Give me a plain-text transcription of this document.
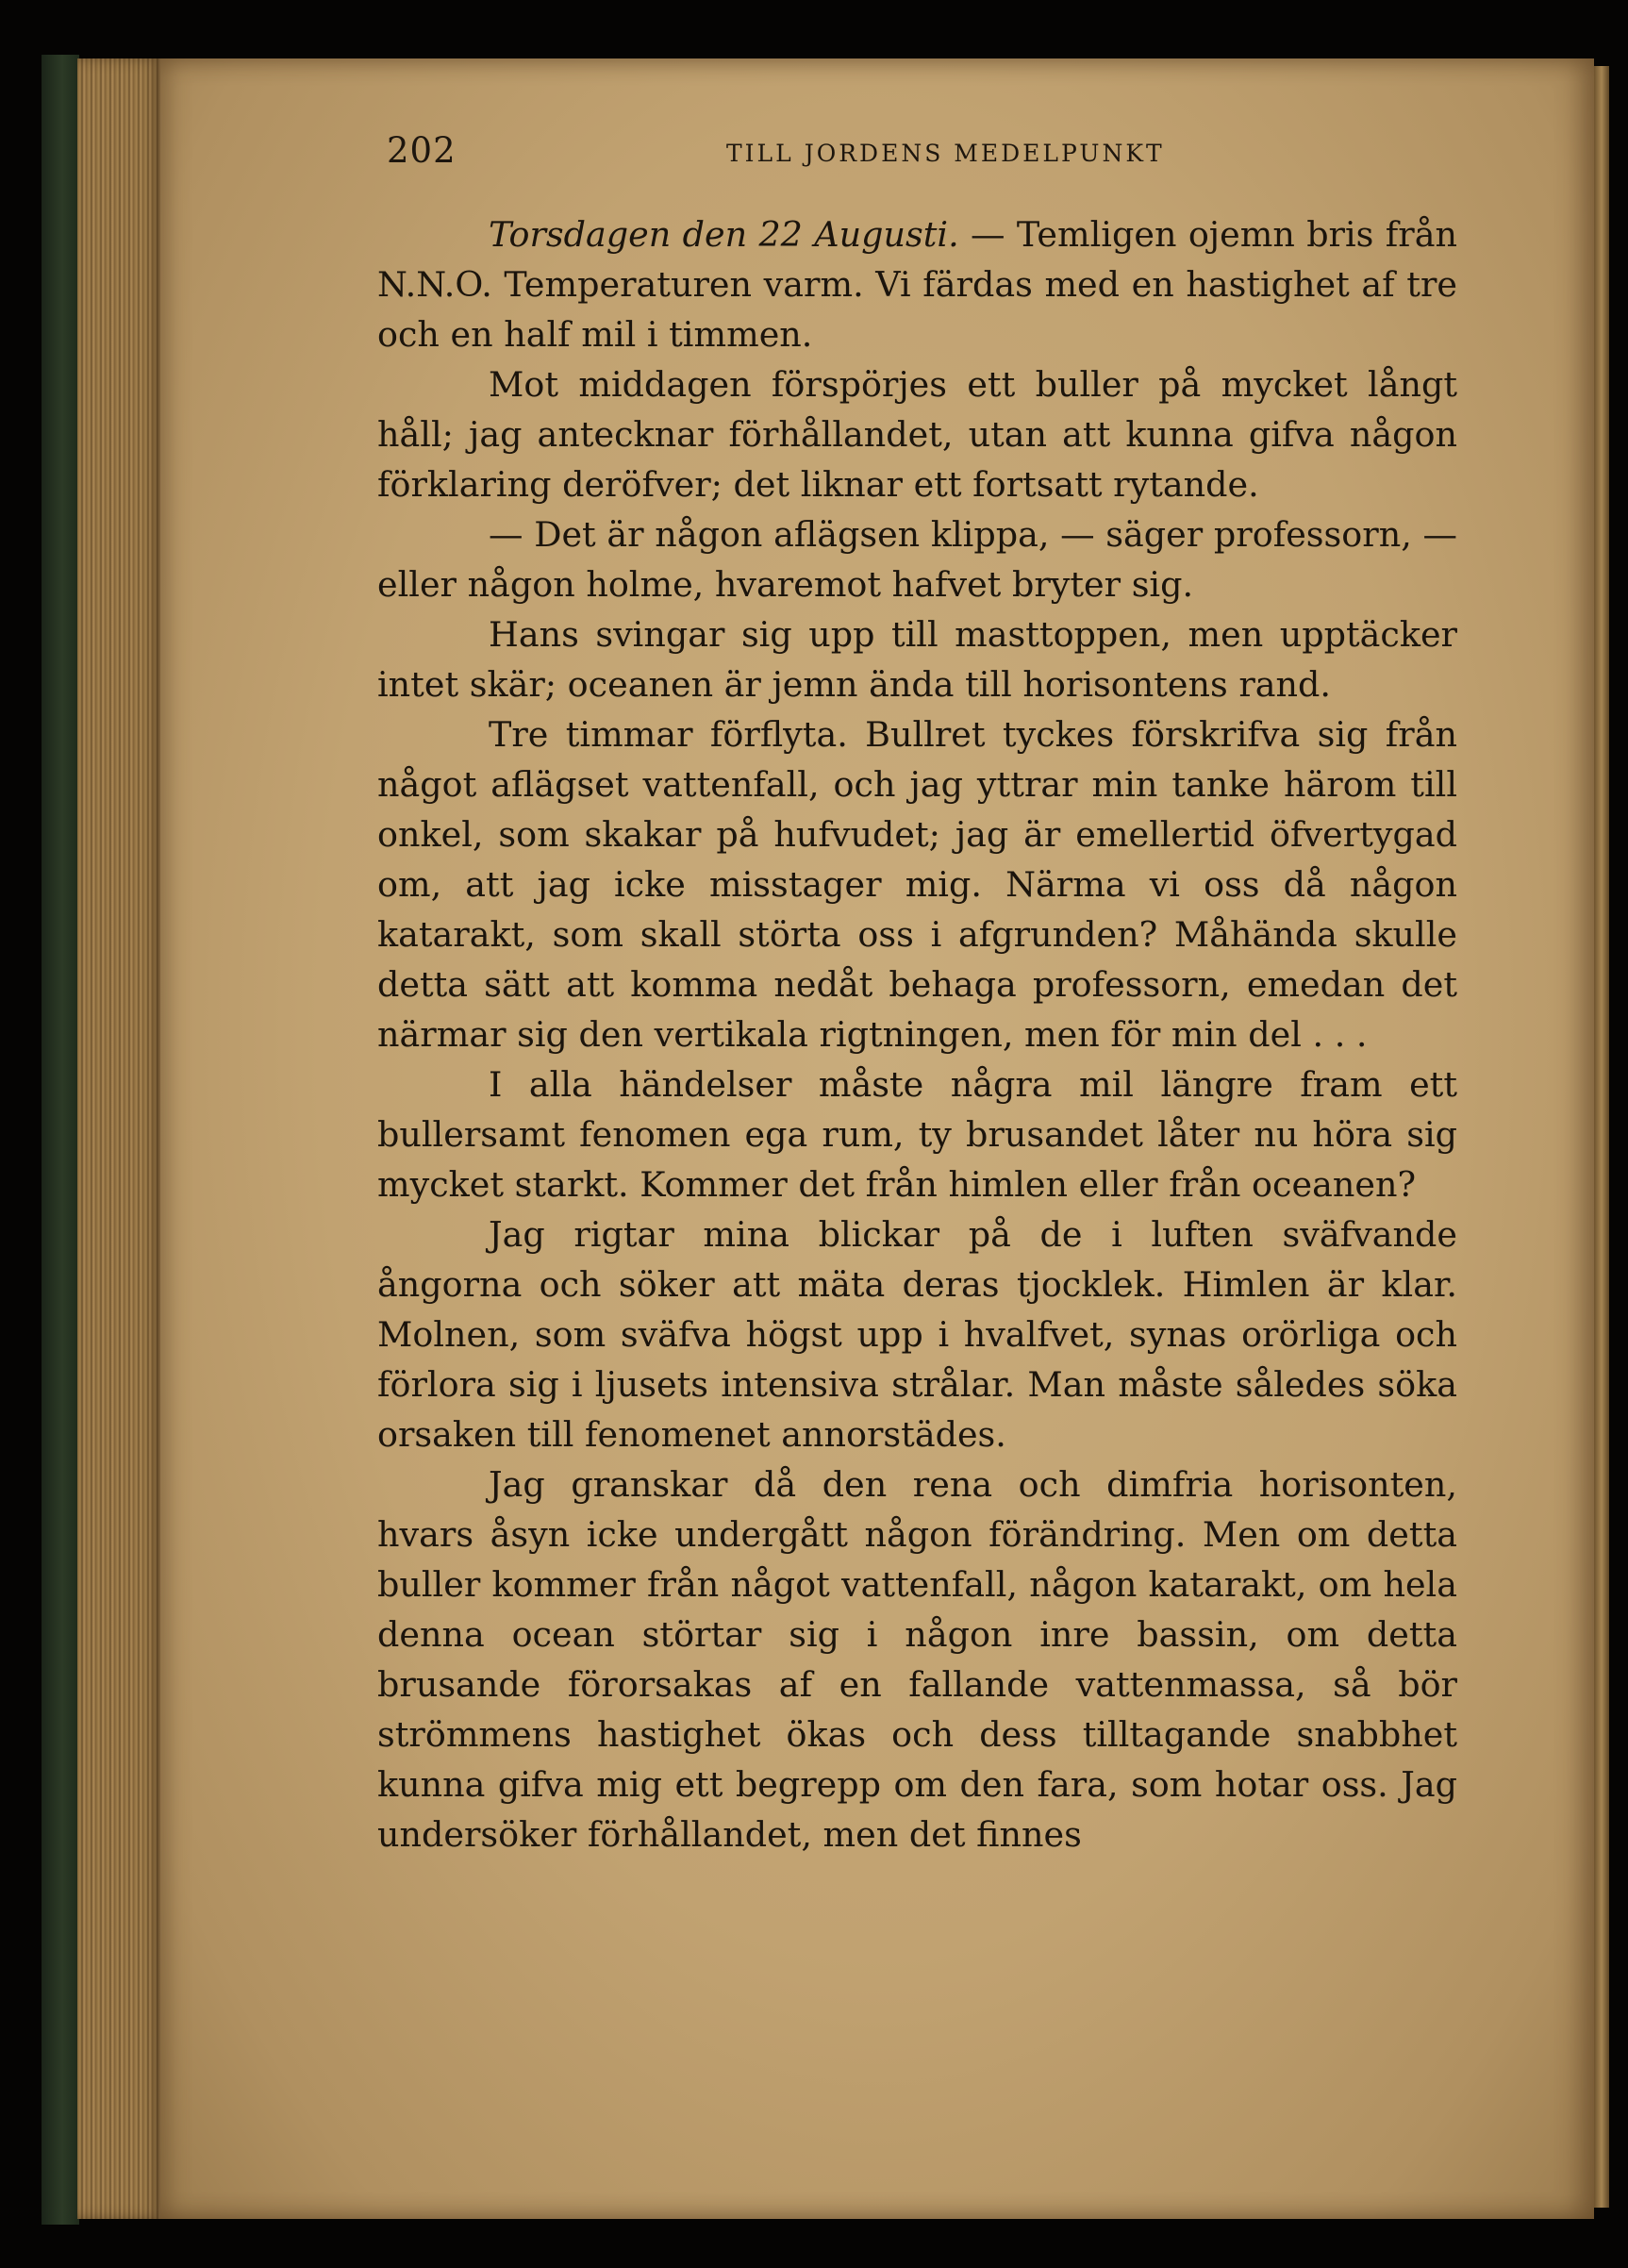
202	TILL JORDENS MEDELPUNKT

Torsdagen den 22 Augusti. — Temligen ojemn bris från N.N.O. Temperaturen varm. Vi färdas med en hastighet af tre och en half mil i timmen.

Mot middagen förspörjes ett buller på mycket långt håll; jag antecknar förhållandet, utan att kunna gifva någon förklaring deröfver; det liknar ett fortsatt rytande.

— Det är någon aflägsen klippa, — säger professorn, — eller någon holme, hvaremot hafvet bryter sig.

Hans svingar sig upp till masttoppen, men upptäcker intet skär; oceanen är jemn ända till horisontens rand.

Tre timmar förflyta. Bullret tyckes förskrifva sig från något aflägset vattenfall, och jag yttrar min tanke härom till onkel, som skakar på hufvudet; jag är emellertid öfvertygad om, att jag icke misstager mig. Närma vi oss då någon katarakt, som skall störta oss i afgrunden? Måhända skulle detta sätt att komma nedåt behaga professorn, emedan det närmar sig den vertikala rigtningen, men för min del . . .

I alla händelser måste några mil längre fram ett bullersamt fenomen ega rum, ty brusandet låter nu höra sig mycket starkt. Kommer det från himlen eller från oceanen?

Jag rigtar mina blickar på de i luften sväfvande ångorna och söker att mäta deras tjocklek. Himlen är klar. Molnen, som sväfva högst upp i hvalfvet, synas orörliga och förlora sig i ljusets intensiva strålar. Man måste således söka orsaken till fenomenet annorstädes.

Jag granskar då den rena och dimfria horisonten, hvars åsyn icke undergått någon förändring. Men om detta buller kommer från något vattenfall, någon katarakt, om hela denna ocean störtar sig i någon inre bassin, om detta brusande förorsakas af en fallande vattenmassa, så bör strömmens hastighet ökas och dess tilltagande snabbhet kunna gifva mig ett begrepp om den fara, som hotar oss. Jag undersöker förhållandet, men det finnes
